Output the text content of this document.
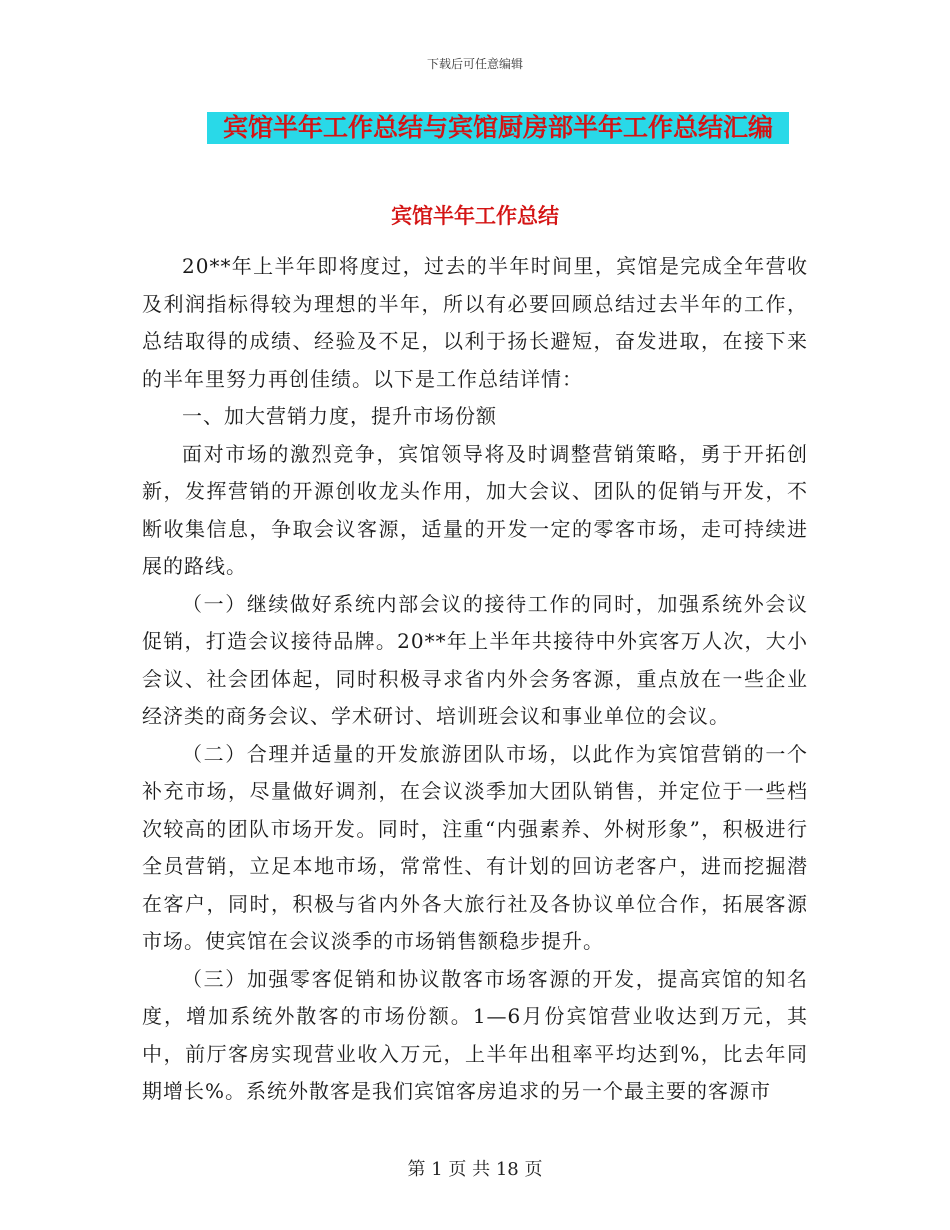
下载后可任意编辑
宾馆半年工作总结与宾馆厨房部半年工作总结汇编
宾馆半年工作总结

20**年上半年即将度过，过去的半年时间里，宾馆是完成全年营收及利润指标得较为理想的半年，所以有必要回顾总结过去半年的工作，总结取得的成绩、经验及不足，以利于扬长避短，奋发进取，在接下来的半年里努力再创佳绩。以下是工作总结详情：

一、加大营销力度，提升市场份额

面对市场的激烈竞争，宾馆领导将及时调整营销策略，勇于开拓创新，发挥营销的开源创收龙头作用，加大会议、团队的促销与开发，不断收集信息，争取会议客源，适量的开发一定的零客市场，走可持续进展的路线。

（一）继续做好系统内部会议的接待工作的同时，加强系统外会议促销，打造会议接待品牌。20**年上半年共接待中外宾客万人次，大小会议、社会团体起，同时积极寻求省内外会务客源，重点放在一些企业经济类的商务会议、学术研讨、培训班会议和事业单位的会议。

（二）合理并适量的开发旅游团队市场，以此作为宾馆营销的一个补充市场，尽量做好调剂，在会议淡季加大团队销售，并定位于一些档次较高的团队市场开发。同时，注重“内强素养、外树形象”，积极进行全员营销，立足本地市场，常常性、有计划的回访老客户，进而挖掘潜在客户，同时，积极与省内外各大旅行社及各协议单位合作，拓展客源市场。使宾馆在会议淡季的市场销售额稳步提升。

（三）加强零客促销和协议散客市场客源的开发，提高宾馆的知名度，增加系统外散客的市场份额。1—6月份宾馆营业收达到万元，其中，前厅客房实现营业收入万元，上半年出租率平均达到%，比去年同期增长%。系统外散客是我们宾馆客房追求的另一个最主要的客源市

第 1 页 共 18 页
